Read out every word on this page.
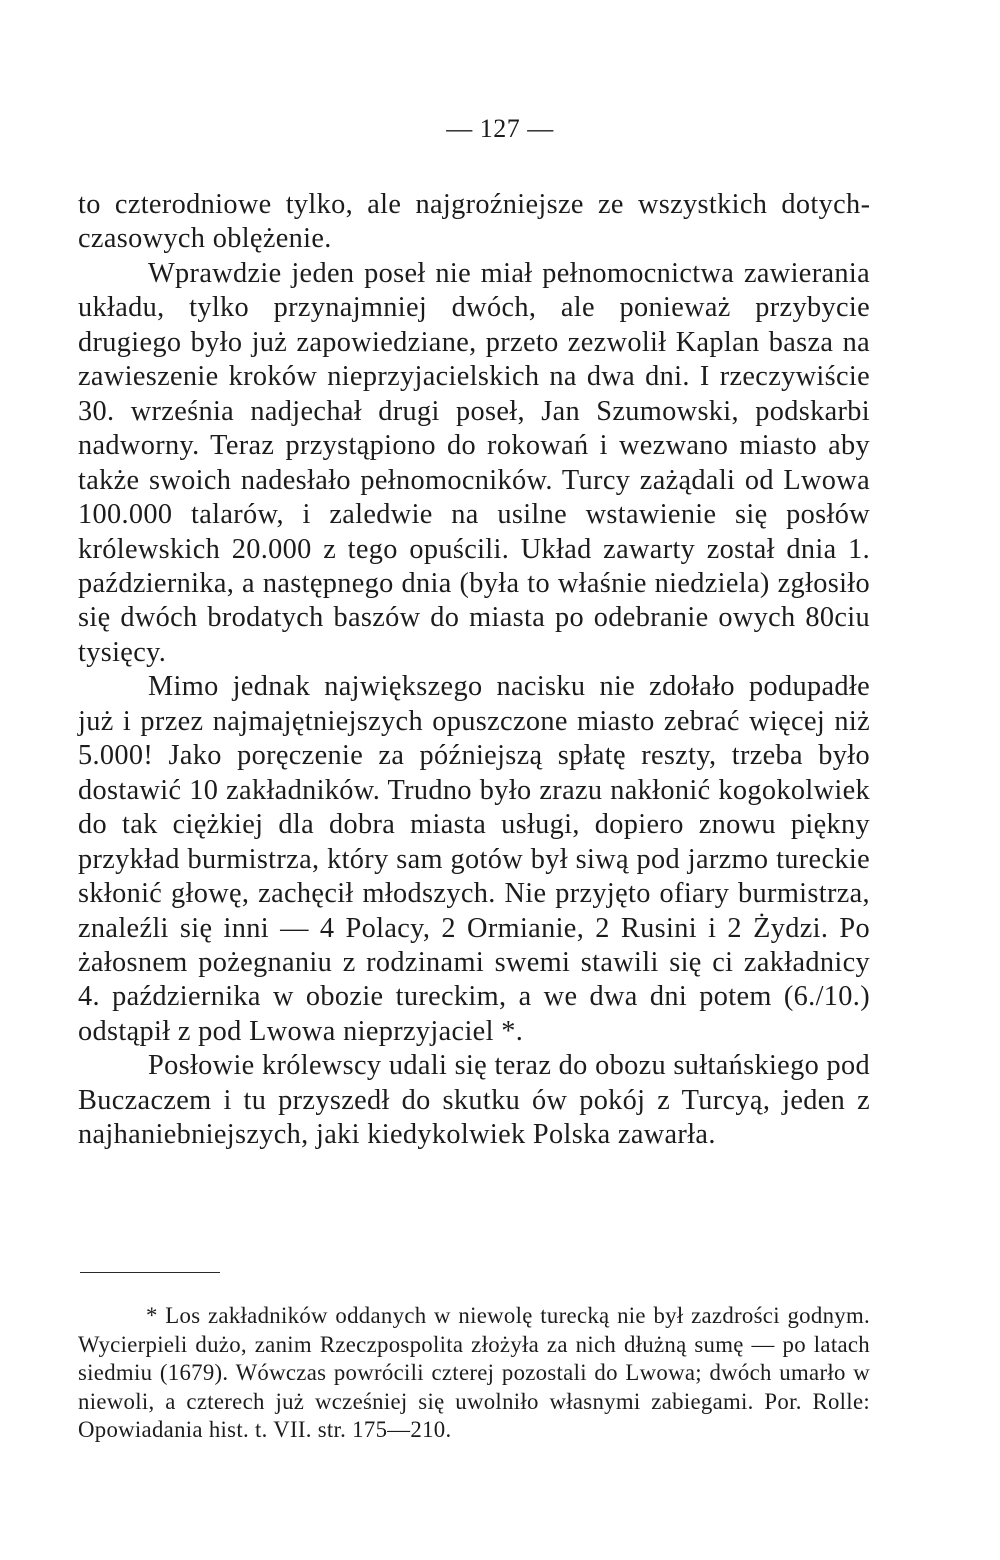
— 127 —

to czterodniowe tylko, ale najgroźniejsze ze wszystkich dotychczasowych oblężenie.

Wprawdzie jeden poseł nie miał pełnomocnictwa zawierania układu, tylko przynajmniej dwóch, ale ponieważ przybycie drugiego było już zapowiedziane, przeto zezwolił Kaplan basza na zawieszenie kroków nieprzyjacielskich na dwa dni. I rzeczywiście 30. września nadjechał drugi poseł, Jan Szumowski, podskarbi nadworny. Teraz przystąpiono do rokowań i wezwano miasto aby także swoich nadesłało pełnomocników. Turcy zażądali od Lwowa 100.000 talarów, i zaledwie na usilne wstawienie się posłów królewskich 20.000 z tego opuścili. Układ zawarty został dnia 1. października, a następnego dnia (była to właśnie niedziela) zgłosiło się dwóch brodatych baszów do miasta po odebranie owych 80ciu tysięcy.

Mimo jednak największego nacisku nie zdołało podupadłe już i przez najmajętniejszych opuszczone miasto zebrać więcej niż 5.000! Jako poręczenie za późniejszą spłatę reszty, trzeba było dostawić 10 zakładników. Trudno było zrazu nakłonić kogokolwiek do tak ciężkiej dla dobra miasta usługi, dopiero znowu piękny przykład burmistrza, który sam gotów był siwą pod jarzmo tureckie skłonić głowę, zachęcił młodszych. Nie przyjęto ofiary burmistrza, znaleźli się inni — 4 Polacy, 2 Ormianie, 2 Rusini i 2 Żydzi. Po żałosnem pożegnaniu z rodzinami swemi stawili się ci zakładnicy 4. października w obozie tureckim, a we dwa dni potem (6./10.) odstąpił z pod Lwowa nieprzyjaciel *.

Posłowie królewscy udali się teraz do obozu sułtańskiego pod Buczaczem i tu przyszedł do skutku ów pokój z Turcyą, jeden z najhaniebniejszych, jaki kiedykolwiek Polska zawarła.

* Los zakładników oddanych w niewolę turecką nie był zazdrości godnym. Wycierpieli dużo, zanim Rzeczpospolita złożyła za nich dłużną sumę — po latach siedmiu (1679). Wówczas powrócili czterej pozostali do Lwowa; dwóch umarło w niewoli, a czterech już wcześniej się uwolniło własnymi zabiegami. Por. Rolle: Opowiadania hist. t. VII. str. 175—210.
